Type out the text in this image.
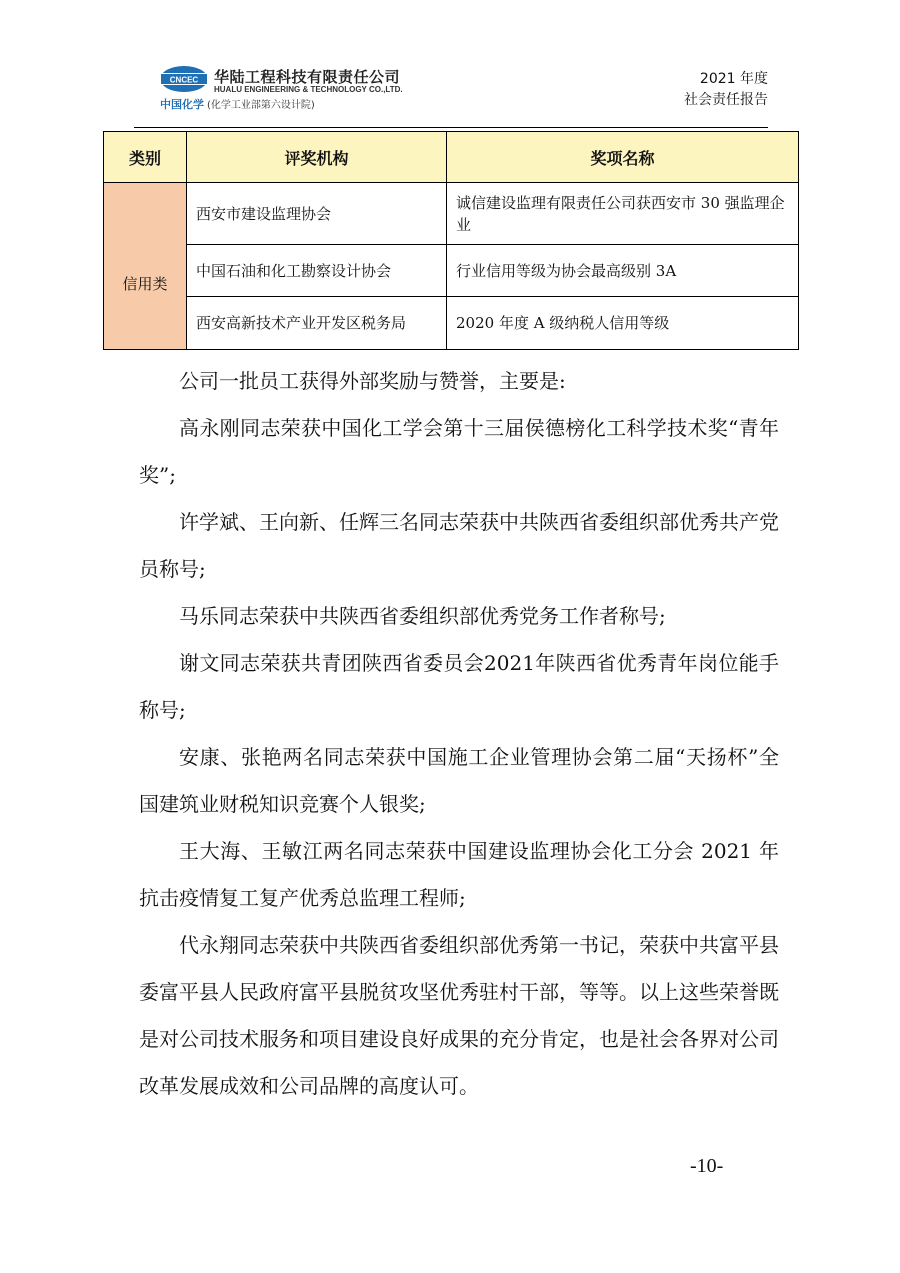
CNCEC 华陆工程科技有限责任公司
HUALU ENGINEERING & TECHNOLOGY CO.,LTD.
中国化学 (化学工业部第六设计院)
2021 年度
社会责任报告
类别	评奖机构	奖项名称
信用类	西安市建设监理协会	诚信建设监理有限责任公司获西安市 30 强监理企业
	中国石油和化工勘察设计协会	行业信用等级为协会最高级别 3A
	西安高新技术产业开发区税务局	2020 年度 A 级纳税人信用等级

公司一批员工获得外部奖励与赞誉，主要是:

高永刚同志荣获中国化工学会第十三届侯德榜化工科学技术奖“青年奖”;

许学斌、王向新、任辉三名同志荣获中共陕西省委组织部优秀共产党员称号;

马乐同志荣获中共陕西省委组织部优秀党务工作者称号;

谢文同志荣获共青团陕西省委员会2021年陕西省优秀青年岗位能手称号;

安康、张艳两名同志荣获中国施工企业管理协会第二届“天扬杯”全国建筑业财税知识竞赛个人银奖;

王大海、王敏江两名同志荣获中国建设监理协会化工分会 2021 年抗击疫情复工复产优秀总监理工程师;

代永翔同志荣获中共陕西省委组织部优秀第一书记，荣获中共富平县委富平县人民政府富平县脱贫攻坚优秀驻村干部，等等。以上这些荣誉既是对公司技术服务和项目建设良好成果的充分肯定，也是社会各界对公司改革发展成效和公司品牌的高度认可。

-10-
